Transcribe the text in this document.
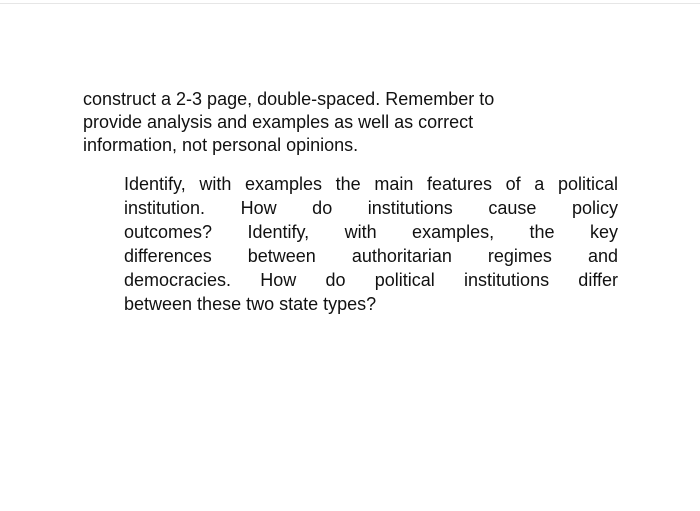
construct a 2-3 page, double-spaced. Remember to
provide analysis and examples as well as correct
information, not personal opinions.

Identify, with examples the main features of a political
institution. How do institutions cause policy
outcomes? Identify, with examples, the key
differences between authoritarian regimes and
democracies. How do political institutions differ
between these two state types?
